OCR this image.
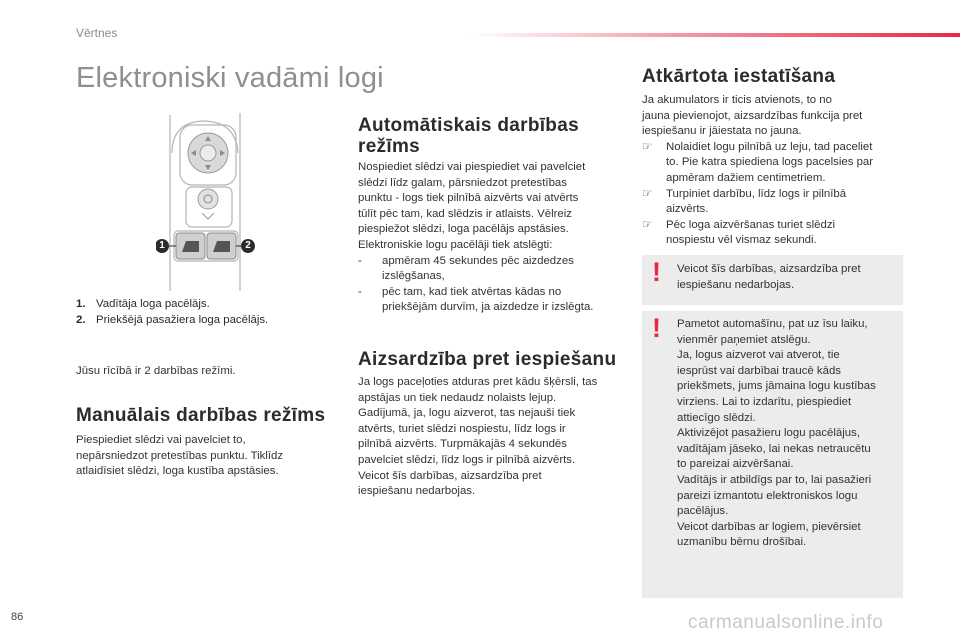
Vērtnes
Elektroniski vadāmi logi
1	2
1. Vadītāja loga pacēlājs.
2. Priekšējā pasažiera loga pacēlājs.

Jūsu rīcībā ir 2 darbības režīmi.

Manuālais darbības režīms

Piespiediet slēdzi vai pavelciet to,

nepārsniedzot pretestības punktu. Tiklīdz

atlaidīsiet slēdzi, loga kustība apstāsies.

Automātiskais darbības
režīms

Nospiediet slēdzi vai piespiediet vai pavelciet

slēdzi līdz galam, pārsniedzot pretestības

punktu - logs tiek pilnībā aizvērts vai atvērts

tūlīt pēc tam, kad slēdzis ir atlaists. Vēlreiz

piespiežot slēdzi, loga pacēlājs apstāsies.

Elektroniskie logu pacēlāji tiek atslēgti:

- apmēram 45 sekundes pēc aizdedzes
izslēgšanas,
- pēc tam, kad tiek atvērtas kādas no
priekšējām durvīm, ja aizdedze ir izslēgta.
Aizsardzība pret iespiešanu

Ja logs paceļoties atduras pret kādu šķērsli, tas

apstājas un tiek nedaudz nolaists lejup.

Gadījumā, ja, logu aizverot, tas nejauši tiek

atvērts, turiet slēdzi nospiestu, līdz logs ir

pilnībā aizvērts. Turpmākajās 4 sekundēs

pavelciet slēdzi, līdz logs ir pilnībā aizvērts.

Veicot šīs darbības, aizsardzība pret

iespiešanu nedarbojas.

Atkārtota iestatīšana

Ja akumulators ir ticis atvienots, to no

jauna pievienojot, aizsardzības funkcija pret

iespiešanu ir jāiestata no jauna.

☞ Nolaidiet logu pilnībā uz leju, tad paceliet
to. Pie katra spiediena logs pacelsies par
apmēram dažiem centimetriem.
☞ Turpiniet darbību, līdz logs ir pilnībā
aizvērts.
☞ Pēc loga aizvēršanas turiet slēdzi
nospiestu vēl vismaz sekundi.
! Veicot šīs darbības, aizsardzība pret
iespiešanu nedarbojas.

! Pametot automašīnu, pat uz īsu laiku,
vienmēr paņemiet atslēgu.
Ja, logus aizverot vai atverot, tie
iesprūst vai darbībai traucē kāds
priekšmets, jums jāmaina logu kustības
virziens. Lai to izdarītu, piespiediet
attiecīgo slēdzi.
Aktivizējot pasažieru logu pacēlājus,
vadītājam jāseko, lai nekas netraucētu
to pareizai aizvēršanai.
Vadītājs ir atbildīgs par to, lai pasažieri
pareizi izmantotu elektroniskos logu
pacēlājus.
Veicot darbības ar logiem, pievērsiet
uzmanību bērnu drošībai.

86	carmanualsonline.info
